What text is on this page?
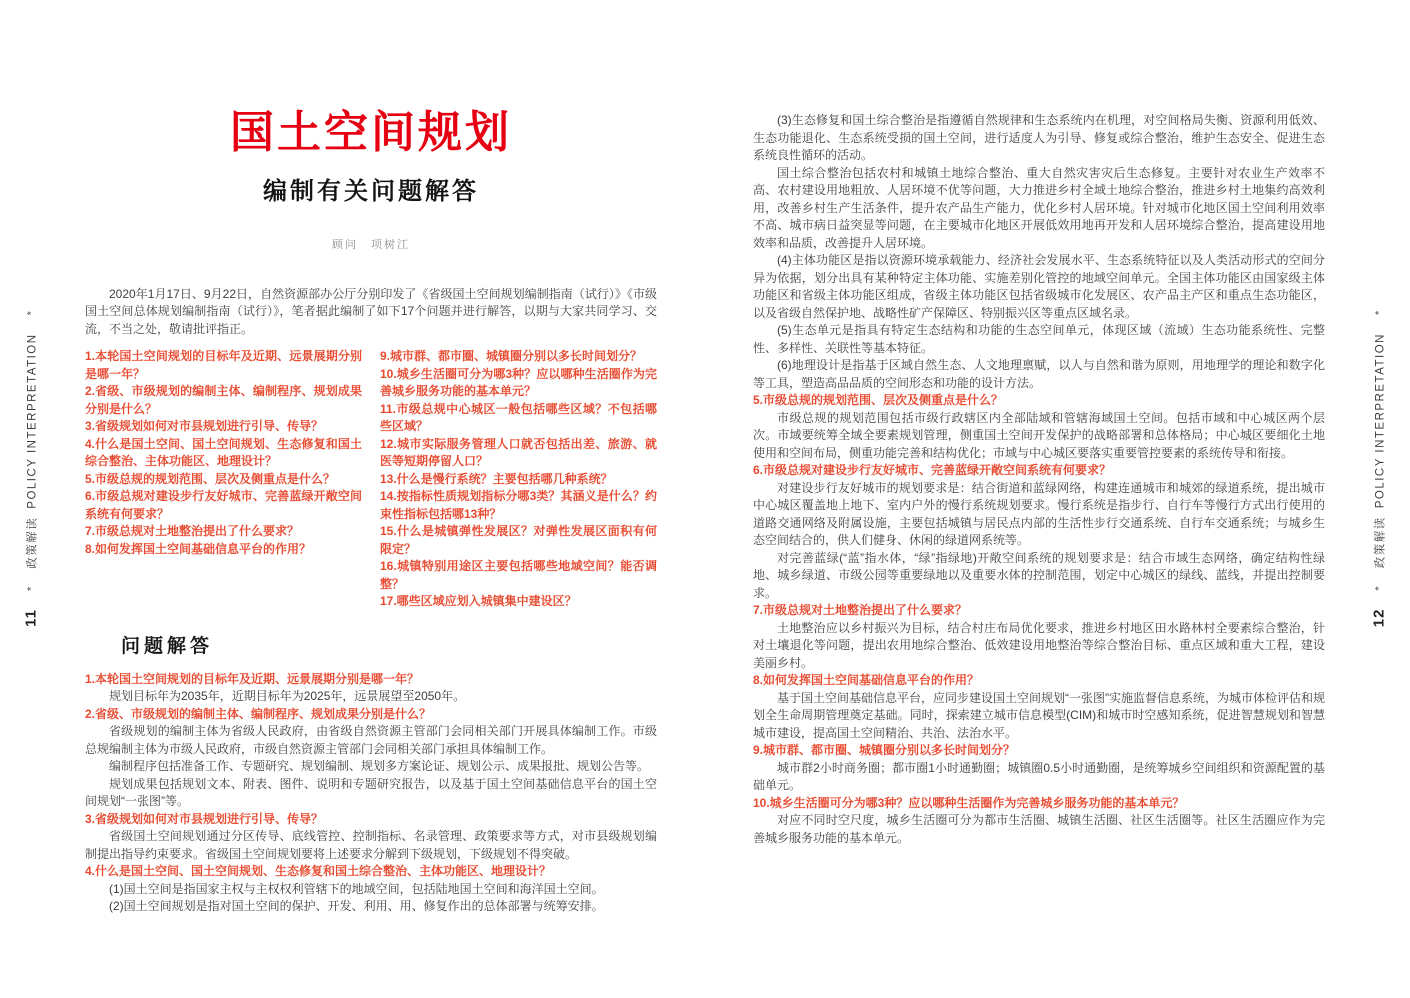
11
*
政策解读POLICY INTERPRETATION
*
12
*
政策解读POLICY INTERPRETATION
*
国土空间规划
编制有关问题解答
顾问　项树江

2020年1月17日、9月22日，自然资源部办公厅分别印发了《省级国土空间规划编制指南（试行）》《市级国土空间总体规划编制指南（试行）》，笔者据此编制了如下17个问题并进行解答，以期与大家共同学习、交流，不当之处，敬请批评指正。

1.本轮国土空间规划的目标年及近期、远景展期分别是哪一年？
2.省级、市级规划的编制主体、编制程序、规划成果分别是什么？
3.省级规划如何对市县规划进行引导、传导？
4.什么是国土空间、国土空间规划、生态修复和国土综合整治、主体功能区、地理设计？
5.市级总规的规划范围、层次及侧重点是什么？
6.市级总规对建设步行友好城市、完善蓝绿开敞空间系统有何要求？
7.市级总规对土地整治提出了什么要求？
8.如何发挥国土空间基础信息平台的作用？
9.城市群、都市圈、城镇圈分别以多长时间划分？
10.城乡生活圈可分为哪3种？应以哪种生活圈作为完善城乡服务功能的基本单元？
11.市级总规中心城区一般包括哪些区域？不包括哪些区域？
12.城市实际服务管理人口就否包括出差、旅游、就医等短期停留人口？
13.什么是慢行系统？主要包括哪几种系统？
14.按指标性质规划指标分哪3类？其涵义是什么？约束性指标包括哪13种？
15.什么是城镇弹性发展区？对弹性发展区面积有何限定？
16.城镇特别用途区主要包括哪些地域空间？能否调整？
17.哪些区域应划入城镇集中建设区？
问题解答
1.本轮国土空间规划的目标年及近期、远景展期分别是哪一年？

规划目标年为2035年，近期目标年为2025年，远景展望至2050年。

2.省级、市级规划的编制主体、编制程序、规划成果分别是什么？

省级规划的编制主体为省级人民政府，由省级自然资源主管部门会同相关部门开展具体编制工作。市级总规编制主体为市级人民政府，市级自然资源主管部门会同相关部门承担具体编制工作。

编制程序包括准备工作、专题研究、规划编制、规划多方案论证、规划公示、成果报批、规划公告等。

规划成果包括规划文本、附表、图件、说明和专题研究报告，以及基于国土空间基础信息平台的国土空间规划“一张图”等。

3.省级规划如何对市县规划进行引导、传导？

省级国土空间规划通过分区传导、底线管控、控制指标、名录管理、政策要求等方式，对市县级规划编制提出指导约束要求。省级国土空间规划要将上述要求分解到下级规划，下级规划不得突破。

4.什么是国土空间、国土空间规划、生态修复和国土综合整治、主体功能区、地理设计？

(1)国土空间是指国家主权与主权权利管辖下的地域空间，包括陆地国土空间和海洋国土空间。

(2)国土空间规划是指对国土空间的保护、开发、利用、用、修复作出的总体部署与统筹安排。

(3)生态修复和国土综合整治是指遵循自然规律和生态系统内在机理，对空间格局失衡、资源利用低效、生态功能退化、生态系统受损的国土空间，进行适度人为引导、修复或综合整治，维护生态安全、促进生态系统良性循环的活动。

国土综合整治包括农村和城镇土地综合整治、重大自然灾害灾后生态修复。主要针对农业生产效率不高、农村建设用地粗放、人居环境不优等问题，大力推进乡村全域土地综合整治，推进乡村土地集约高效利用，改善乡村生产生活条件，提升农产品生产能力，优化乡村人居环境。针对城市化地区国土空间利用效率不高、城市病日益突显等问题，在主要城市化地区开展低效用地再开发和人居环境综合整治，提高建设用地效率和品质，改善提升人居环境。

(4)主体功能区是指以资源环境承载能力、经济社会发展水平、生态系统特征以及人类活动形式的空间分异为依据，划分出具有某种特定主体功能、实施差别化管控的地域空间单元。全国主体功能区由国家级主体功能区和省级主体功能区组成，省级主体功能区包括省级城市化发展区、农产品主产区和重点生态功能区，以及省级自然保护地、战略性矿产保障区、特别振兴区等重点区域名录。

(5)生态单元是指具有特定生态结构和功能的生态空间单元，体现区域（流域）生态功能系统性、完整性、多样性、关联性等基本特征。

(6)地理设计是指基于区域自然生态、人文地理禀赋，以人与自然和谐为原则，用地理学的理论和数字化等工具，塑造高品品质的空间形态和功能的设计方法。

5.市级总规的规划范围、层次及侧重点是什么？

市级总规的规划范围包括市级行政辖区内全部陆域和管辖海域国土空间。包括市域和中心城区两个层次。市域要统筹全域全要素规划管理，侧重国土空间开发保护的战略部署和总体格局；中心城区要细化土地使用和空间布局，侧重功能完善和结构优化；市域与中心城区要落实重要管控要素的系统传导和衔接。

6.市级总规对建设步行友好城市、完善蓝绿开敞空间系统有何要求？

对建设步行友好城市的规划要求是：结合街道和蓝绿网络，构建连通城市和城郊的绿道系统，提出城市中心城区覆盖地上地下、室内户外的慢行系统规划要求。慢行系统是指步行、自行车等慢行方式出行使用的道路交通网络及附属设施，主要包括城镇与居民点内部的生活性步行交通系统、自行车交通系统；与城乡生态空间结合的，供人们健身、休闲的绿道网系统等。

对完善蓝绿(“蓝”指水体，“绿”指绿地)开敞空间系统的规划要求是：结合市域生态网络，确定结构性绿地、城乡绿道、市级公园等重要绿地以及重要水体的控制范围，划定中心城区的绿线、蓝线，并提出控制要求。

7.市级总规对土地整治提出了什么要求？

土地整治应以乡村振兴为目标，结合村庄布局优化要求，推进乡村地区田水路林村全要素综合整治，针对土壤退化等问题，提出农用地综合整治、低效建设用地整治等综合整治目标、重点区域和重大工程，建设美丽乡村。

8.如何发挥国土空间基础信息平台的作用？

基于国土空间基础信息平台，应同步建设国土空间规划“一张图”实施监督信息系统，为城市体检评估和规划全生命周期管理奠定基础。同时，探索建立城市信息模型(CIM)和城市时空感知系统，促进智慧规划和智慧城市建设，提高国土空间精治、共治、法治水平。

9.城市群、都市圈、城镇圈分别以多长时间划分？

城市群2小时商务圈；都市圈1小时通勤圈；城镇圈0.5小时通勤圈，是统筹城乡空间组织和资源配置的基础单元。

10.城乡生活圈可分为哪3种？应以哪种生活圈作为完善城乡服务功能的基本单元？

对应不同时空尺度，城乡生活圈可分为都市生活圈、城镇生活圈、社区生活圈等。社区生活圈应作为完善城乡服务功能的基本单元。
